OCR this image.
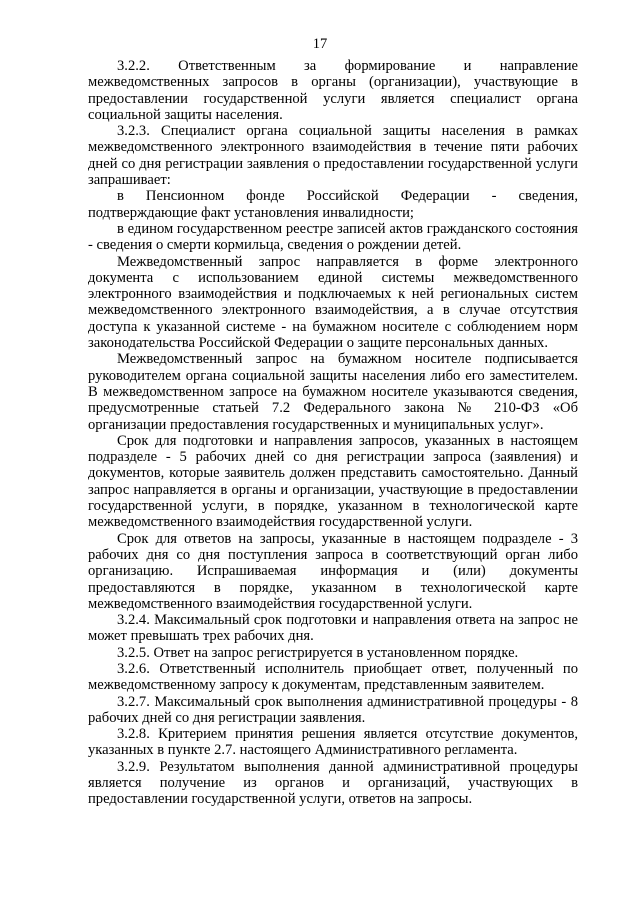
17

3.2.2. Ответственным за формирование и направление межведомственных запросов в органы (организации), участвующие в предоставлении государственной услуги является специалист органа социальной защиты населения.

3.2.3. Специалист органа социальной защиты населения в рамках межведомственного электронного взаимодействия в течение пяти рабочих дней со дня регистрации заявления о предоставлении государственной услуги запрашивает:

в Пенсионном фонде Российской Федерации - сведения, подтверждающие факт установления инвалидности;

в едином государственном реестре записей актов гражданского состояния - сведения о смерти кормильца, сведения о рождении детей.

Межведомственный запрос направляется в форме электронного документа с использованием единой системы межведомственного электронного взаимодействия и подключаемых к ней региональных систем межведомственного электронного взаимодействия, а в случае отсутствия доступа к указанной системе - на бумажном носителе с соблюдением норм законодательства Российской Федерации о защите персональных данных.

Межведомственный запрос на бумажном носителе подписывается руководителем органа социальной защиты населения либо его заместителем. В межведомственном запросе на бумажном носителе указываются сведения, предусмотренные статьей 7.2 Федерального закона № 210-ФЗ «Об организации предоставления государственных и муниципальных услуг».

Срок для подготовки и направления запросов, указанных в настоящем подразделе - 5 рабочих дней со дня регистрации запроса (заявления) и документов, которые заявитель должен представить самостоятельно. Данный запрос направляется в органы и организации, участвующие в предоставлении государственной услуги, в порядке, указанном в технологической карте межведомственного взаимодействия государственной услуги.

Срок для ответов на запросы, указанные в настоящем подразделе - 3 рабочих дня со дня поступления запроса в соответствующий орган либо организацию. Испрашиваемая информация и (или) документы предоставляются в порядке, указанном в технологической карте межведомственного взаимодействия государственной услуги.

3.2.4. Максимальный срок подготовки и направления ответа на запрос не может превышать трех рабочих дня.

3.2.5. Ответ на запрос регистрируется в установленном порядке.

3.2.6. Ответственный исполнитель приобщает ответ, полученный по межведомственному запросу к документам, представленным заявителем.

3.2.7. Максимальный срок выполнения административной процедуры - 8 рабочих дней со дня регистрации заявления.

3.2.8. Критерием принятия решения является отсутствие документов, указанных в пункте 2.7. настоящего Административного регламента.

3.2.9. Результатом выполнения данной административной процедуры является получение из органов и организаций, участвующих в предоставлении государственной услуги, ответов на запросы.
